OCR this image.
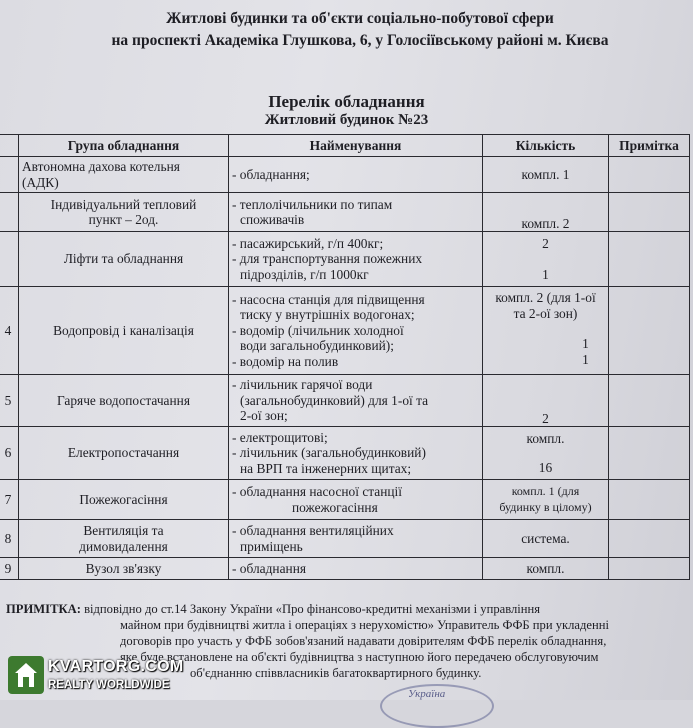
Житлові будинки та об'єкти соціально-побутової сфери
на проспекті Академіка Глушкова, 6, у Голосіївському районі м. Києва
Перелік обладнання
Житловий будинок №23
	Група обладнання	Найменування	Кількість	Примітка

	Автономна дахова котельня
(АДК)	- обладнання;	компл. 1	

	Індивідуальний тепловий
пункт – 2од.	- теплолічильники по типам
споживачів	компл. 2	

	Ліфти та обладнання	- пасажирський, г/п 400кг;
- для транспортування пожежних
підрозділів, г/п 1000кг	2
1	

4	Водопровід і каналізація	- насосна станція для підвищення
тиску у внутрішніх водогонах;
- водомір (лічильник холодної
води загальнобудинковий);
- водомір на полив	компл. 2 (для 1-ої
та 2-ої зон)
1
1	

5	Гаряче водопостачання	- лічильник гарячої води
(загальнобудинковий) для 1-ої та
2-ої зон;	2	

6	Електропостачання	- електрощитові;
- лічильник (загальнобудинковий)
на ВРП та інженерних щитах;	компл.
16	

7	Пожежогасіння	- обладнання насосної станції
пожежогасіння	компл. 1 (для
будинку в цілому)	

8	Вентиляція та
димовидалення	- обладнання вентиляційних
приміщень	система.	

9	Вузол зв'язку	- обладнання	компл.	

ПРИМІТКА: відповідно до ст.14 Закону України «Про фінансово-кредитні механізми і управління
майном при будівництві житла і операціях з нерухомістю» Управитель ФФБ при укладенні
договорів про участь у ФФБ зобов'язаний надавати довірителям ФФБ перелік обладнання,
яке буде встановлене на об'єкті будівництва з наступною його передачею обслуговуючим
об'єднанню співвласників багатоквартирного будинку.
Україна
KVARTORG.COM
REALTY WORLDWIDE
